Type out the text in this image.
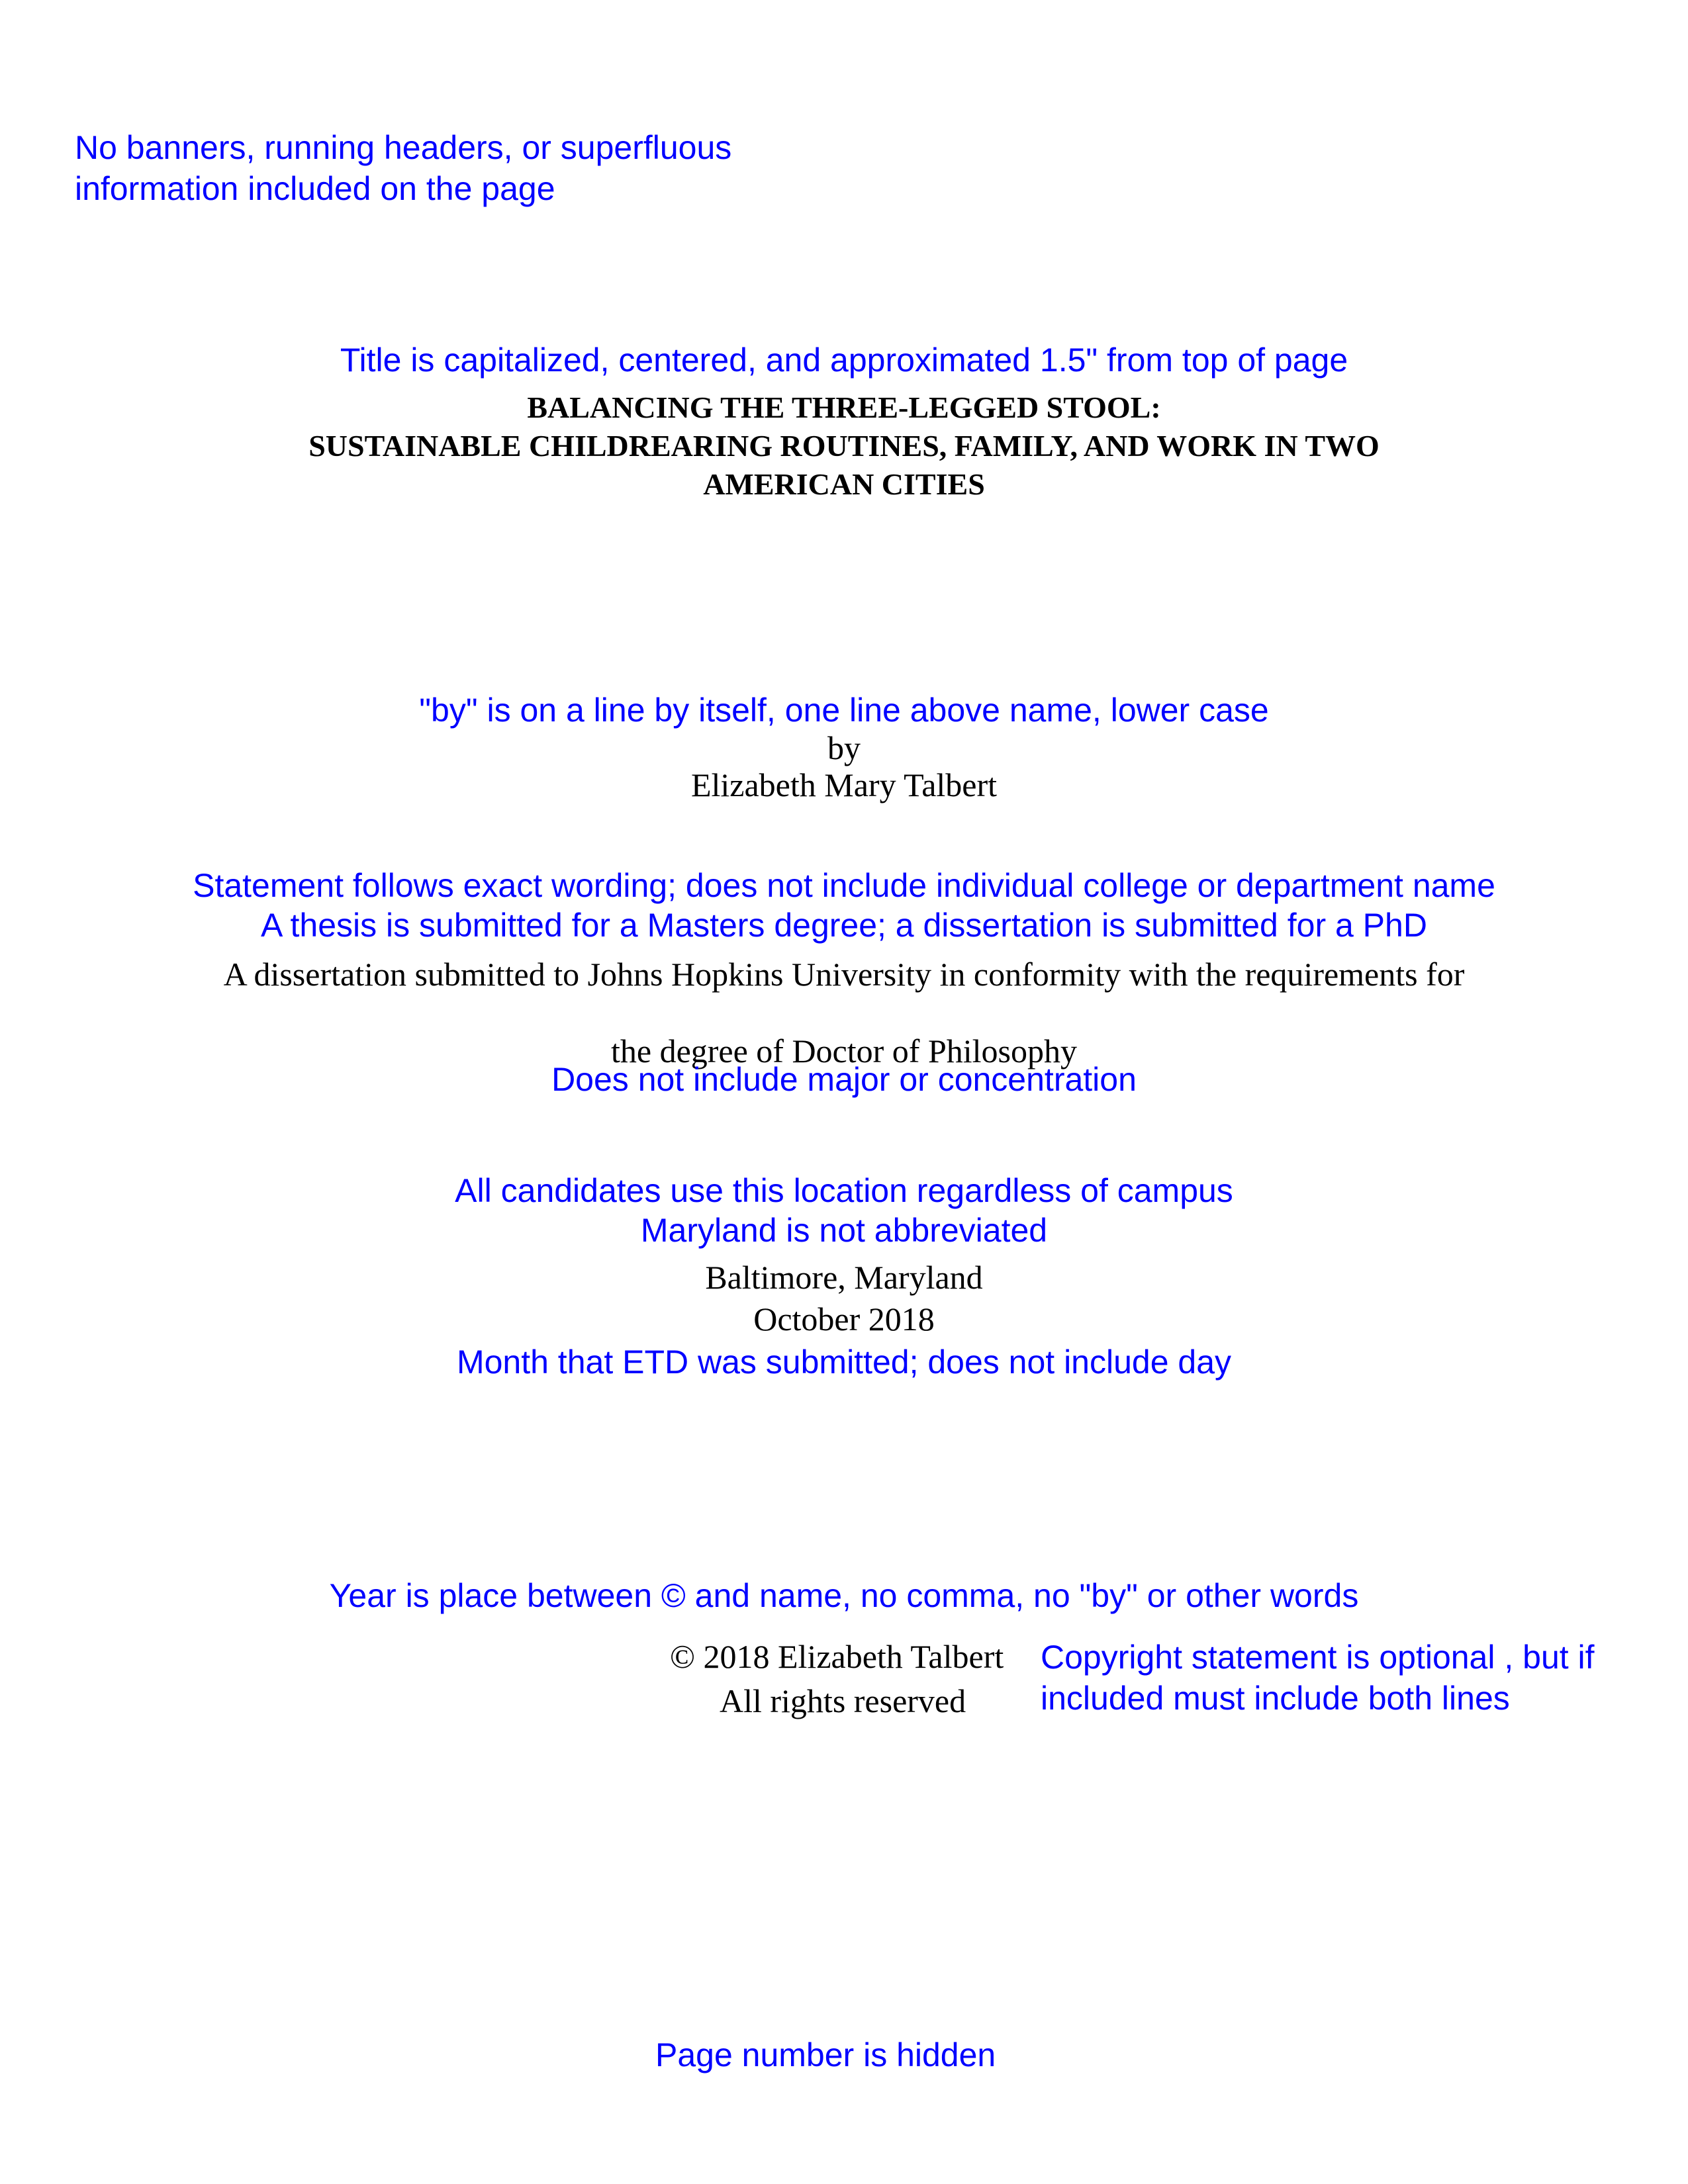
No banners, running headers, or superfluous
information included on the page
Title is capitalized, centered, and approximated 1.5" from top of page
BALANCING THE THREE-LEGGED STOOL:
SUSTAINABLE CHILDREARING ROUTINES, FAMILY, AND WORK IN TWO
AMERICAN CITIES
"by" is on a line by itself, one line above name, lower case
by
Elizabeth Mary Talbert
Statement follows exact wording; does not include individual college or department name
A thesis is submitted for a Masters degree; a dissertation is submitted for a PhD
A dissertation submitted to Johns Hopkins University in conformity with the requirements for
the degree of Doctor of Philosophy
Does not include major or concentration
All candidates use this location regardless of campus
Maryland is not abbreviated
Baltimore, Maryland
October 2018
Month that ETD was submitted; does not include day
Year is place between © and name, no comma, no "by" or other words
© 2018 Elizabeth Talbert
All rights reserved
Copyright statement is optional , but if
included must include both lines
Page number is hidden
